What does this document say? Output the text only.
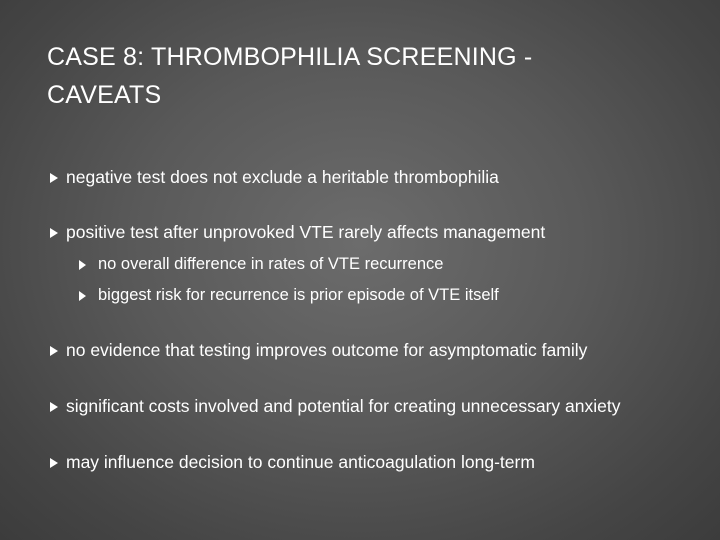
CASE 8: THROMBOPHILIA SCREENING -
CAVEATS
negative test does not exclude a heritable thrombophilia
positive test after unprovoked VTE rarely affects management
no overall difference in rates of VTE recurrence
biggest risk for recurrence is prior episode of VTE itself
no evidence that testing improves outcome for asymptomatic family
significant costs involved and potential for creating unnecessary anxiety
may influence decision to continue anticoagulation long-term
